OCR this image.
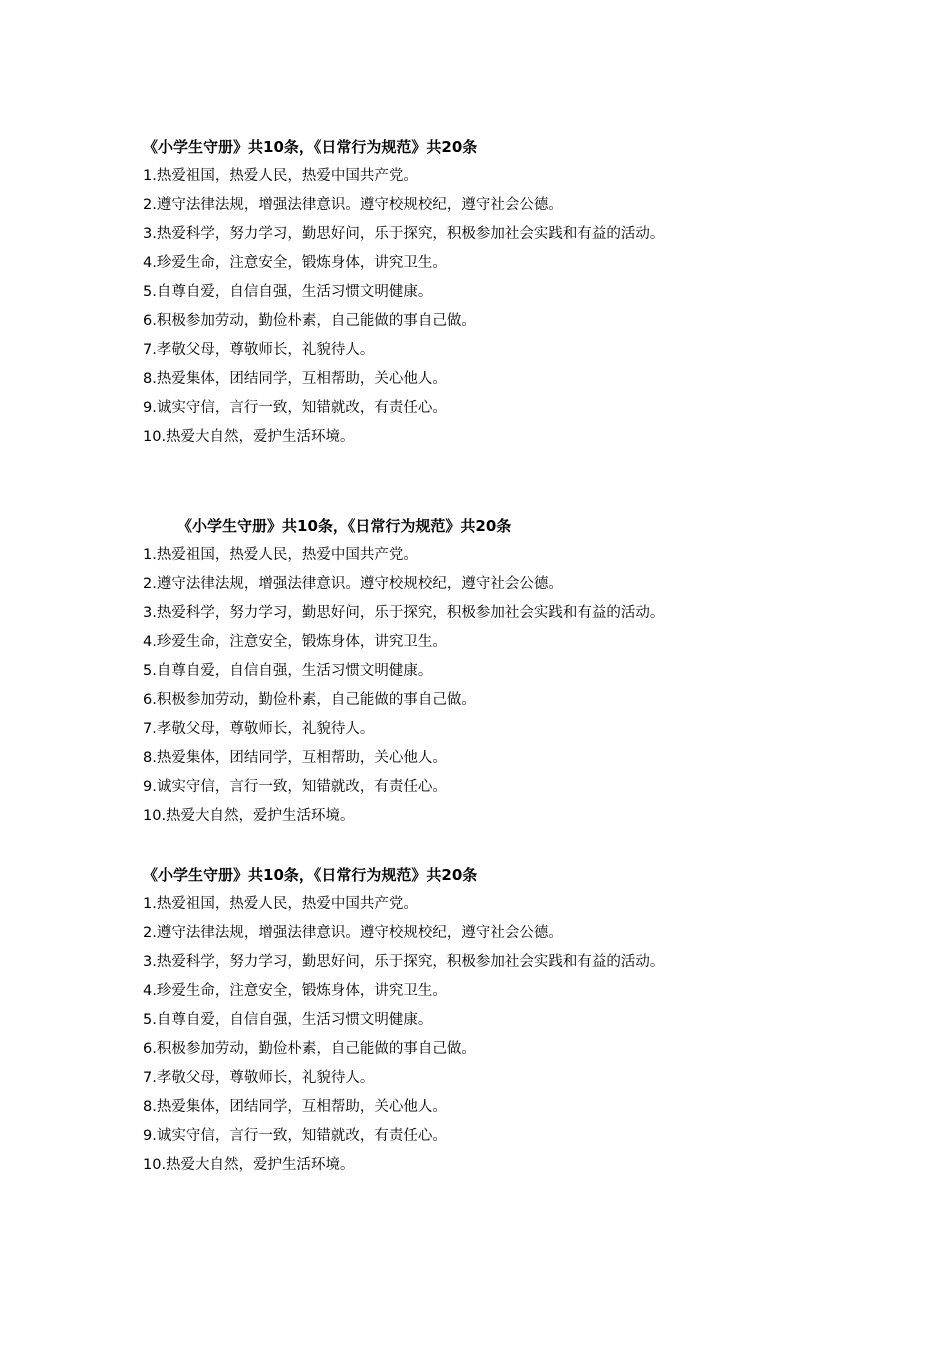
《小学生守册》共10条，《日常行为规范》共20条
1.热爱祖国，热爱人民，热爱中国共产党。
2.遵守法律法规，增强法律意识。遵守校规校纪，遵守社会公德。
3.热爱科学，努力学习，勤思好问，乐于探究，积极参加社会实践和有益的活动。
4.珍爱生命，注意安全，锻炼身体，讲究卫生。
5.自尊自爱，自信自强，生活习惯文明健康。
6.积极参加劳动，勤俭朴素，自己能做的事自己做。
7.孝敬父母，尊敬师长，礼貌待人。
8.热爱集体，团结同学，互相帮助，关心他人。
9.诚实守信，言行一致，知错就改，有责任心。
10.热爱大自然，爱护生活环境。
《小学生守册》共10条，《日常行为规范》共20条
1.热爱祖国，热爱人民，热爱中国共产党。
2.遵守法律法规，增强法律意识。遵守校规校纪，遵守社会公德。
3.热爱科学，努力学习，勤思好问，乐于探究，积极参加社会实践和有益的活动。
4.珍爱生命，注意安全，锻炼身体，讲究卫生。
5.自尊自爱，自信自强，生活习惯文明健康。
6.积极参加劳动，勤俭朴素，自己能做的事自己做。
7.孝敬父母，尊敬师长，礼貌待人。
8.热爱集体，团结同学，互相帮助，关心他人。
9.诚实守信，言行一致，知错就改，有责任心。
10.热爱大自然，爱护生活环境。
《小学生守册》共10条，《日常行为规范》共20条
1.热爱祖国，热爱人民，热爱中国共产党。
2.遵守法律法规，增强法律意识。遵守校规校纪，遵守社会公德。
3.热爱科学，努力学习，勤思好问，乐于探究，积极参加社会实践和有益的活动。
4.珍爱生命，注意安全，锻炼身体，讲究卫生。
5.自尊自爱，自信自强，生活习惯文明健康。
6.积极参加劳动，勤俭朴素，自己能做的事自己做。
7.孝敬父母，尊敬师长，礼貌待人。
8.热爱集体，团结同学，互相帮助，关心他人。
9.诚实守信，言行一致，知错就改，有责任心。
10.热爱大自然，爱护生活环境。
